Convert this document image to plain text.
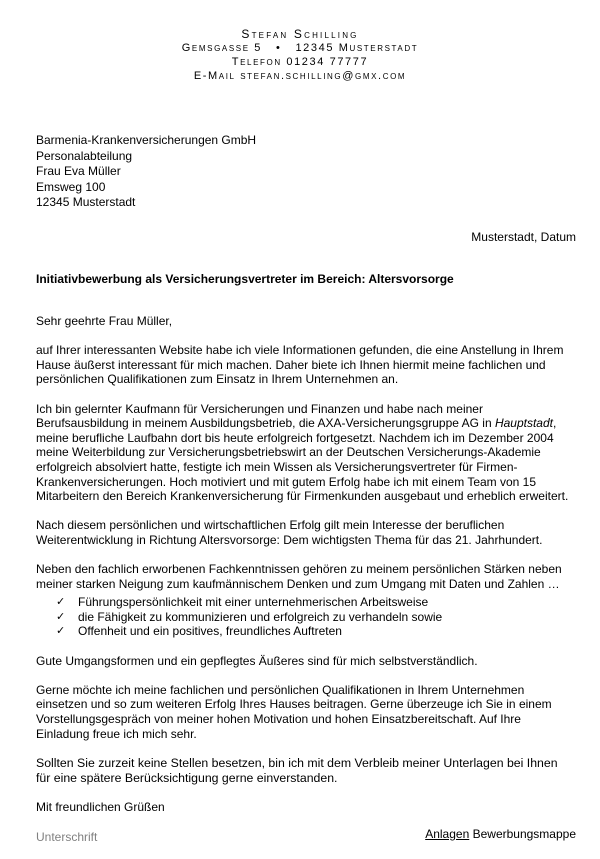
Stefan Schilling
Gemsgasse 5 • 12345 Musterstadt
Telefon 01234 77777
E-Mail stefan.schilling@gmx.com
Barmenia-Krankenversicherungen GmbH
Personalabteilung
Frau Eva Müller
Emsweg 100
12345 Musterstadt
Musterstadt, Datum
Initiativbewerbung als Versicherungsvertreter im Bereich: Altersvorsorge

Sehr geehrte Frau Müller,

auf Ihrer interessanten Website habe ich viele Informationen gefunden, die eine Anstellung in Ihrem Hause äußerst interessant für mich machen. Daher biete ich Ihnen hiermit meine fachlichen und persönlichen Qualifikationen zum Einsatz in Ihrem Unternehmen an.

Ich bin gelernter Kaufmann für Versicherungen und Finanzen und habe nach meiner Berufsausbildung in meinem Ausbildungsbetrieb, die AXA-Versicherungsgruppe AG in Hauptstadt, meine berufliche Laufbahn dort bis heute erfolgreich fortgesetzt. Nachdem ich im Dezember 2004 meine Weiterbildung zur Versicherungsbetriebswirt an der Deutschen Versicherungs-Akademie erfolgreich absolviert hatte, festigte ich mein Wissen als Versicherungsvertreter für Firmen-Krankenversicherungen. Hoch motiviert und mit gutem Erfolg habe ich mit einem Team von 15 Mitarbeitern den Bereich Krankenversicherung für Firmenkunden ausgebaut und erheblich erweitert.

Nach diesem persönlichen und wirtschaftlichen Erfolg gilt mein Interesse der beruflichen Weiterentwicklung in Richtung Altersvorsorge: Dem wichtigsten Thema für das 21. Jahrhundert.

Neben den fachlich erworbenen Fachkenntnissen gehören zu meinem persönlichen Stärken neben meiner starken Neigung zum kaufmännischem Denken und zum Umgang mit Daten und Zahlen …

✓ Führungspersönlichkeit mit einer unternehmerischen Arbeitsweise
✓ die Fähigkeit zu kommunizieren und erfolgreich zu verhandeln sowie
✓ Offenheit und ein positives, freundliches Auftreten

Gute Umgangsformen und ein gepflegtes Äußeres sind für mich selbstverständlich.

Gerne möchte ich meine fachlichen und persönlichen Qualifikationen in Ihrem Unternehmen einsetzen und so zum weiteren Erfolg Ihres Hauses beitragen. Gerne überzeuge ich Sie in einem Vorstellungsgespräch von meiner hohen Motivation und hohen Einsatzbereitschaft. Auf Ihre Einladung freue ich mich sehr.

Sollten Sie zurzeit keine Stellen besetzen, bin ich mit dem Verbleib meiner Unterlagen bei Ihnen für eine spätere Berücksichtigung gerne einverstanden.

Mit freundlichen Grüßen

Unterschrift	Anlagen Bewerbungsmappe
